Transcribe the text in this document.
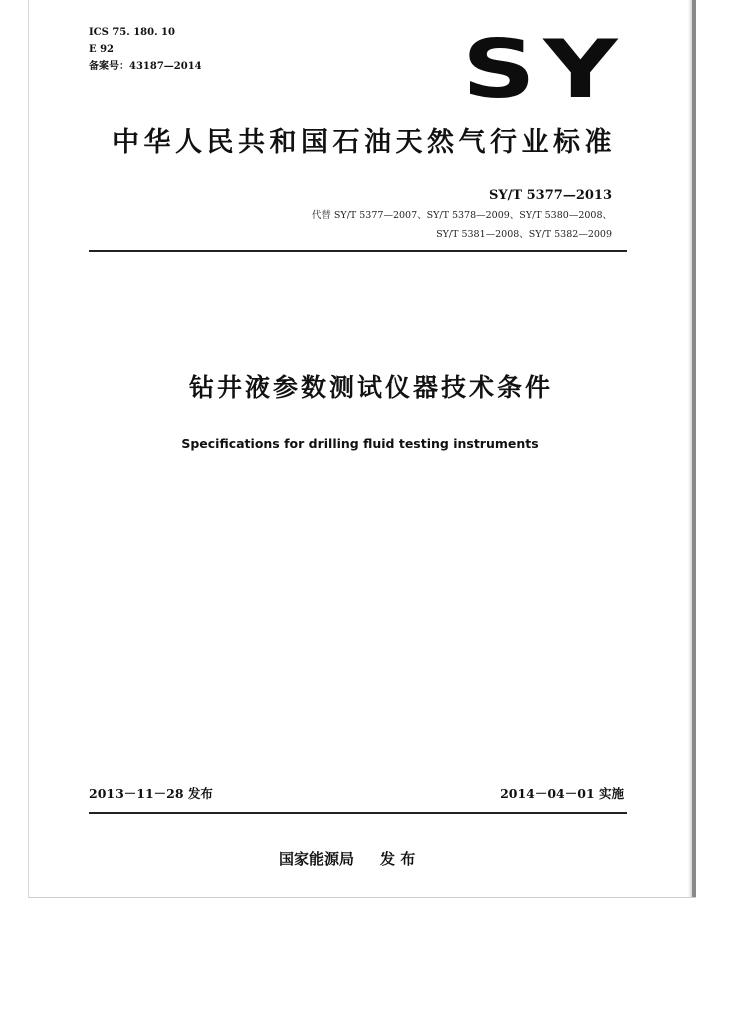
ICS 75. 180. 10
E 92
备案号：43187—2014	SY
中华人民共和国石油天然气行业标准
SY/T 5377—2013
代替 SY/T 5377—2007、SY/T 5378—2009、SY/T 5380—2008、
SY/T 5381—2008、SY/T 5382—2009
钻井液参数测试仪器技术条件
Specifications for drilling fluid testing instruments
2013－11－28 发布	2014－04－01 实施
国家能源局 发 布
